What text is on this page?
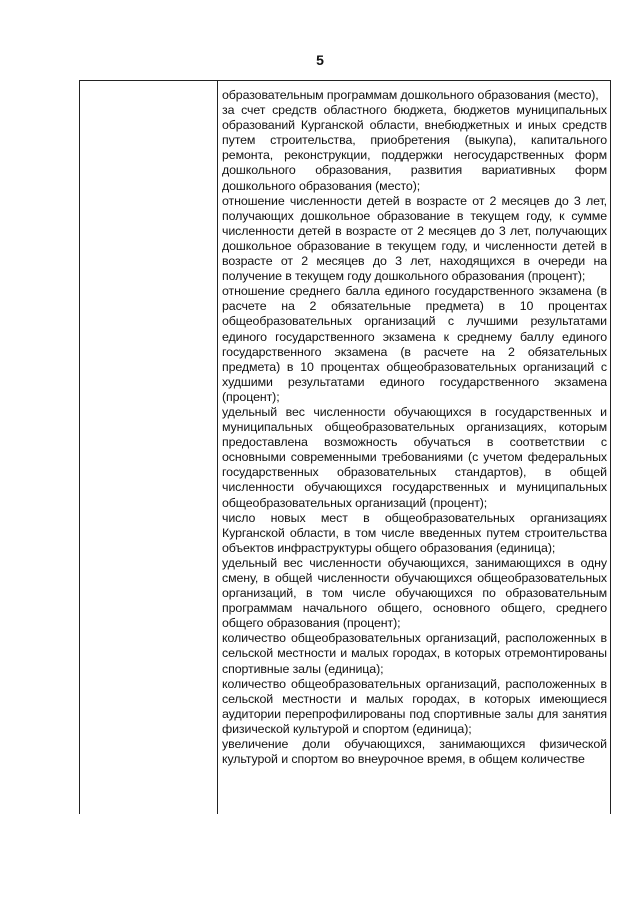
5

образовательным программам дошкольного образования (место),

за счет средств областного бюджета, бюджетов муниципальных образований Курганской области, внебюджетных и иных средств путем строительства, приобретения (выкупа), капитального ремонта, реконструкции, поддержки негосударственных форм дошкольного образования, развития вариативных форм дошкольного образования (место);

отношение численности детей в возрасте от 2 месяцев до 3 лет, получающих дошкольное образование в текущем году, к сумме численности детей в возрасте от 2 месяцев до 3 лет, получающих дошкольное образование в текущем году, и численности детей в возрасте от 2 месяцев до 3 лет, находящихся в очереди на получение в текущем году дошкольного образования (процент);

отношение среднего балла единого государственного экзамена (в расчете на 2 обязательные предмета) в 10 процентах общеобразовательных организаций с лучшими результатами единого государственного экзамена к среднему баллу единого государственного экзамена (в расчете на 2 обязательных предмета) в 10 процентах общеобразовательных организаций с худшими результатами единого государственного экзамена (процент);

удельный вес численности обучающихся в государственных и муниципальных общеобразовательных организациях, которым предоставлена возможность обучаться в соответствии с основными современными требованиями (с учетом федеральных государственных образовательных стандартов), в общей численности обучающихся государственных и муниципальных общеобразовательных организаций (процент);

число новых мест в общеобразовательных организациях Курганской области, в том числе введенных путем строительства объектов инфраструктуры общего образования (единица);

удельный вес численности обучающихся, занимающихся в одну смену, в общей численности обучающихся общеобразовательных организаций, в том числе обучающихся по образовательным программам начального общего, основного общего, среднего общего образования (процент);

количество общеобразовательных организаций, расположенных в сельской местности и малых городах, в которых отремонтированы спортивные залы (единица);

количество общеобразовательных организаций, расположенных в сельской местности и малых городах, в которых имеющиеся аудитории перепрофилированы под спортивные залы для занятия физической культурой и спортом (единица);

увеличение доли обучающихся, занимающихся физической культурой и спортом во внеурочное время, в общем количестве
